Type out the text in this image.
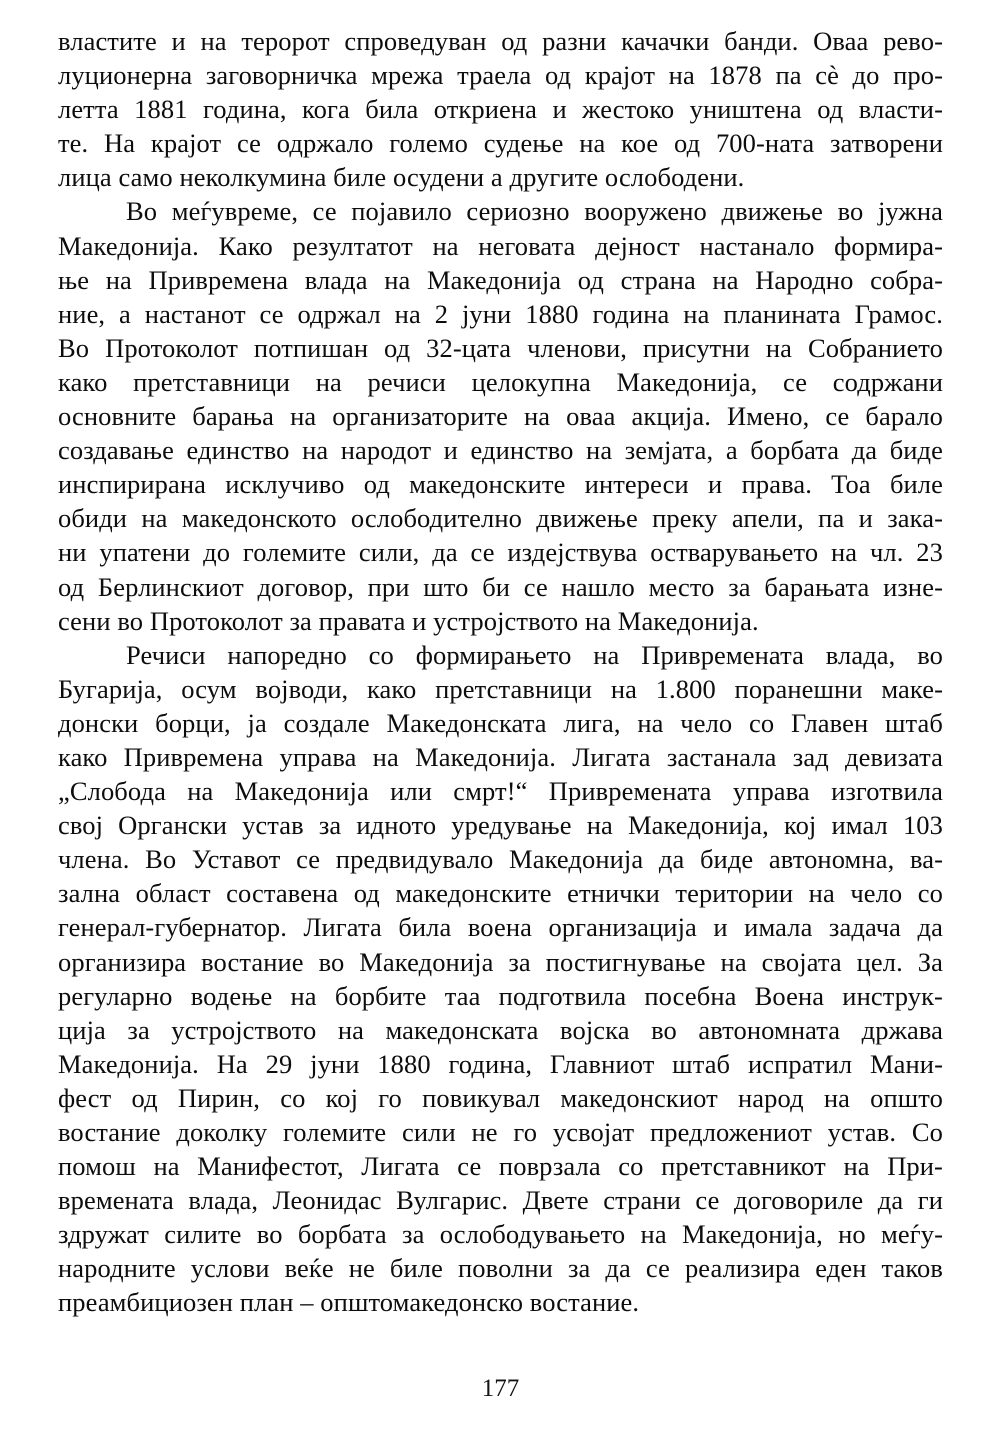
властите и на теророт спроведуван од разни качачки банди. Оваа рево-
луционерна заговорничка мрежа траела од крајот на 1878 па сè до про-
летта 1881 година, кога била откриена и жестоко уништена од власти-
те. На крајот се одржало големо судење на кое од 700-ната затворени
лица само неколкумина биле осудени а другите ослободени.
Во меѓувреме, се појавило сериозно вооружено движење во јужна
Македонија. Како резултатот на неговата дејност настанало формира-
ње на Привремена влада на Македонија од страна на Народно собра-
ние, а настанот се одржал на 2 јуни 1880 година на планината Грамос.
Во Протоколот потпишан од 32-цата членови, присутни на Собранието
како претставници на речиси целокупна Македонија, се содржани
основните барања на организаторите на оваа акција. Имено, се барало
создавање единство на народот и единство на земјата, а борбата да биде
инспирирана исклучиво од македонските интереси и права. Тоа биле
обиди на македонското ослободително движење преку апели, па и зака-
ни упатени до големите сили, да се издејствува остварувањето на чл. 23
од Берлинскиот договор, при што би се нашло место за барањата изне-
сени во Протоколот за правата и устројството на Македонија.
Речиси напоредно со формирањето на Привремената влада, во
Бугарија, осум војводи, како претставници на 1.800 поранешни маке-
донски борци, ја создале Македонската лига, на чело со Главен штаб
како Привремена управа на Македонија. Лигата застанала зад девизата
„Слобода на Македонија или смрт!“ Привремената управа изготвила
свој Органски устав за идното уредување на Македонија, кој имал 103
члена. Во Уставот се предвидувало Македонија да биде автономна, ва-
зална област составена од македонските етнички територии на чело со
генерал-губернатор. Лигата била воена организација и имала задача да
организира востание во Македонија за постигнување на својата цел. За
регуларно водење на борбите таа подготвила посебна Воена инструк-
ција за устројството на македонската војска во автономната држава
Македонија. На 29 јуни 1880 година, Главниот штаб испратил Мани-
фест од Пирин, со кој го повикувал македонскиот народ на општо
востание доколку големите сили не го усвојат предложениот устав. Со
помош на Манифестот, Лигата се поврзала со претставникот на При-
времената влада, Леонидас Вулгарис. Двете страни се договориле да ги
здружат силите во борбата за ослободувањето на Македонија, но меѓу-
народните услови веќе не биле поволни за да се реализира еден таков
преамбициозен план – општомакедонско востание.
177
